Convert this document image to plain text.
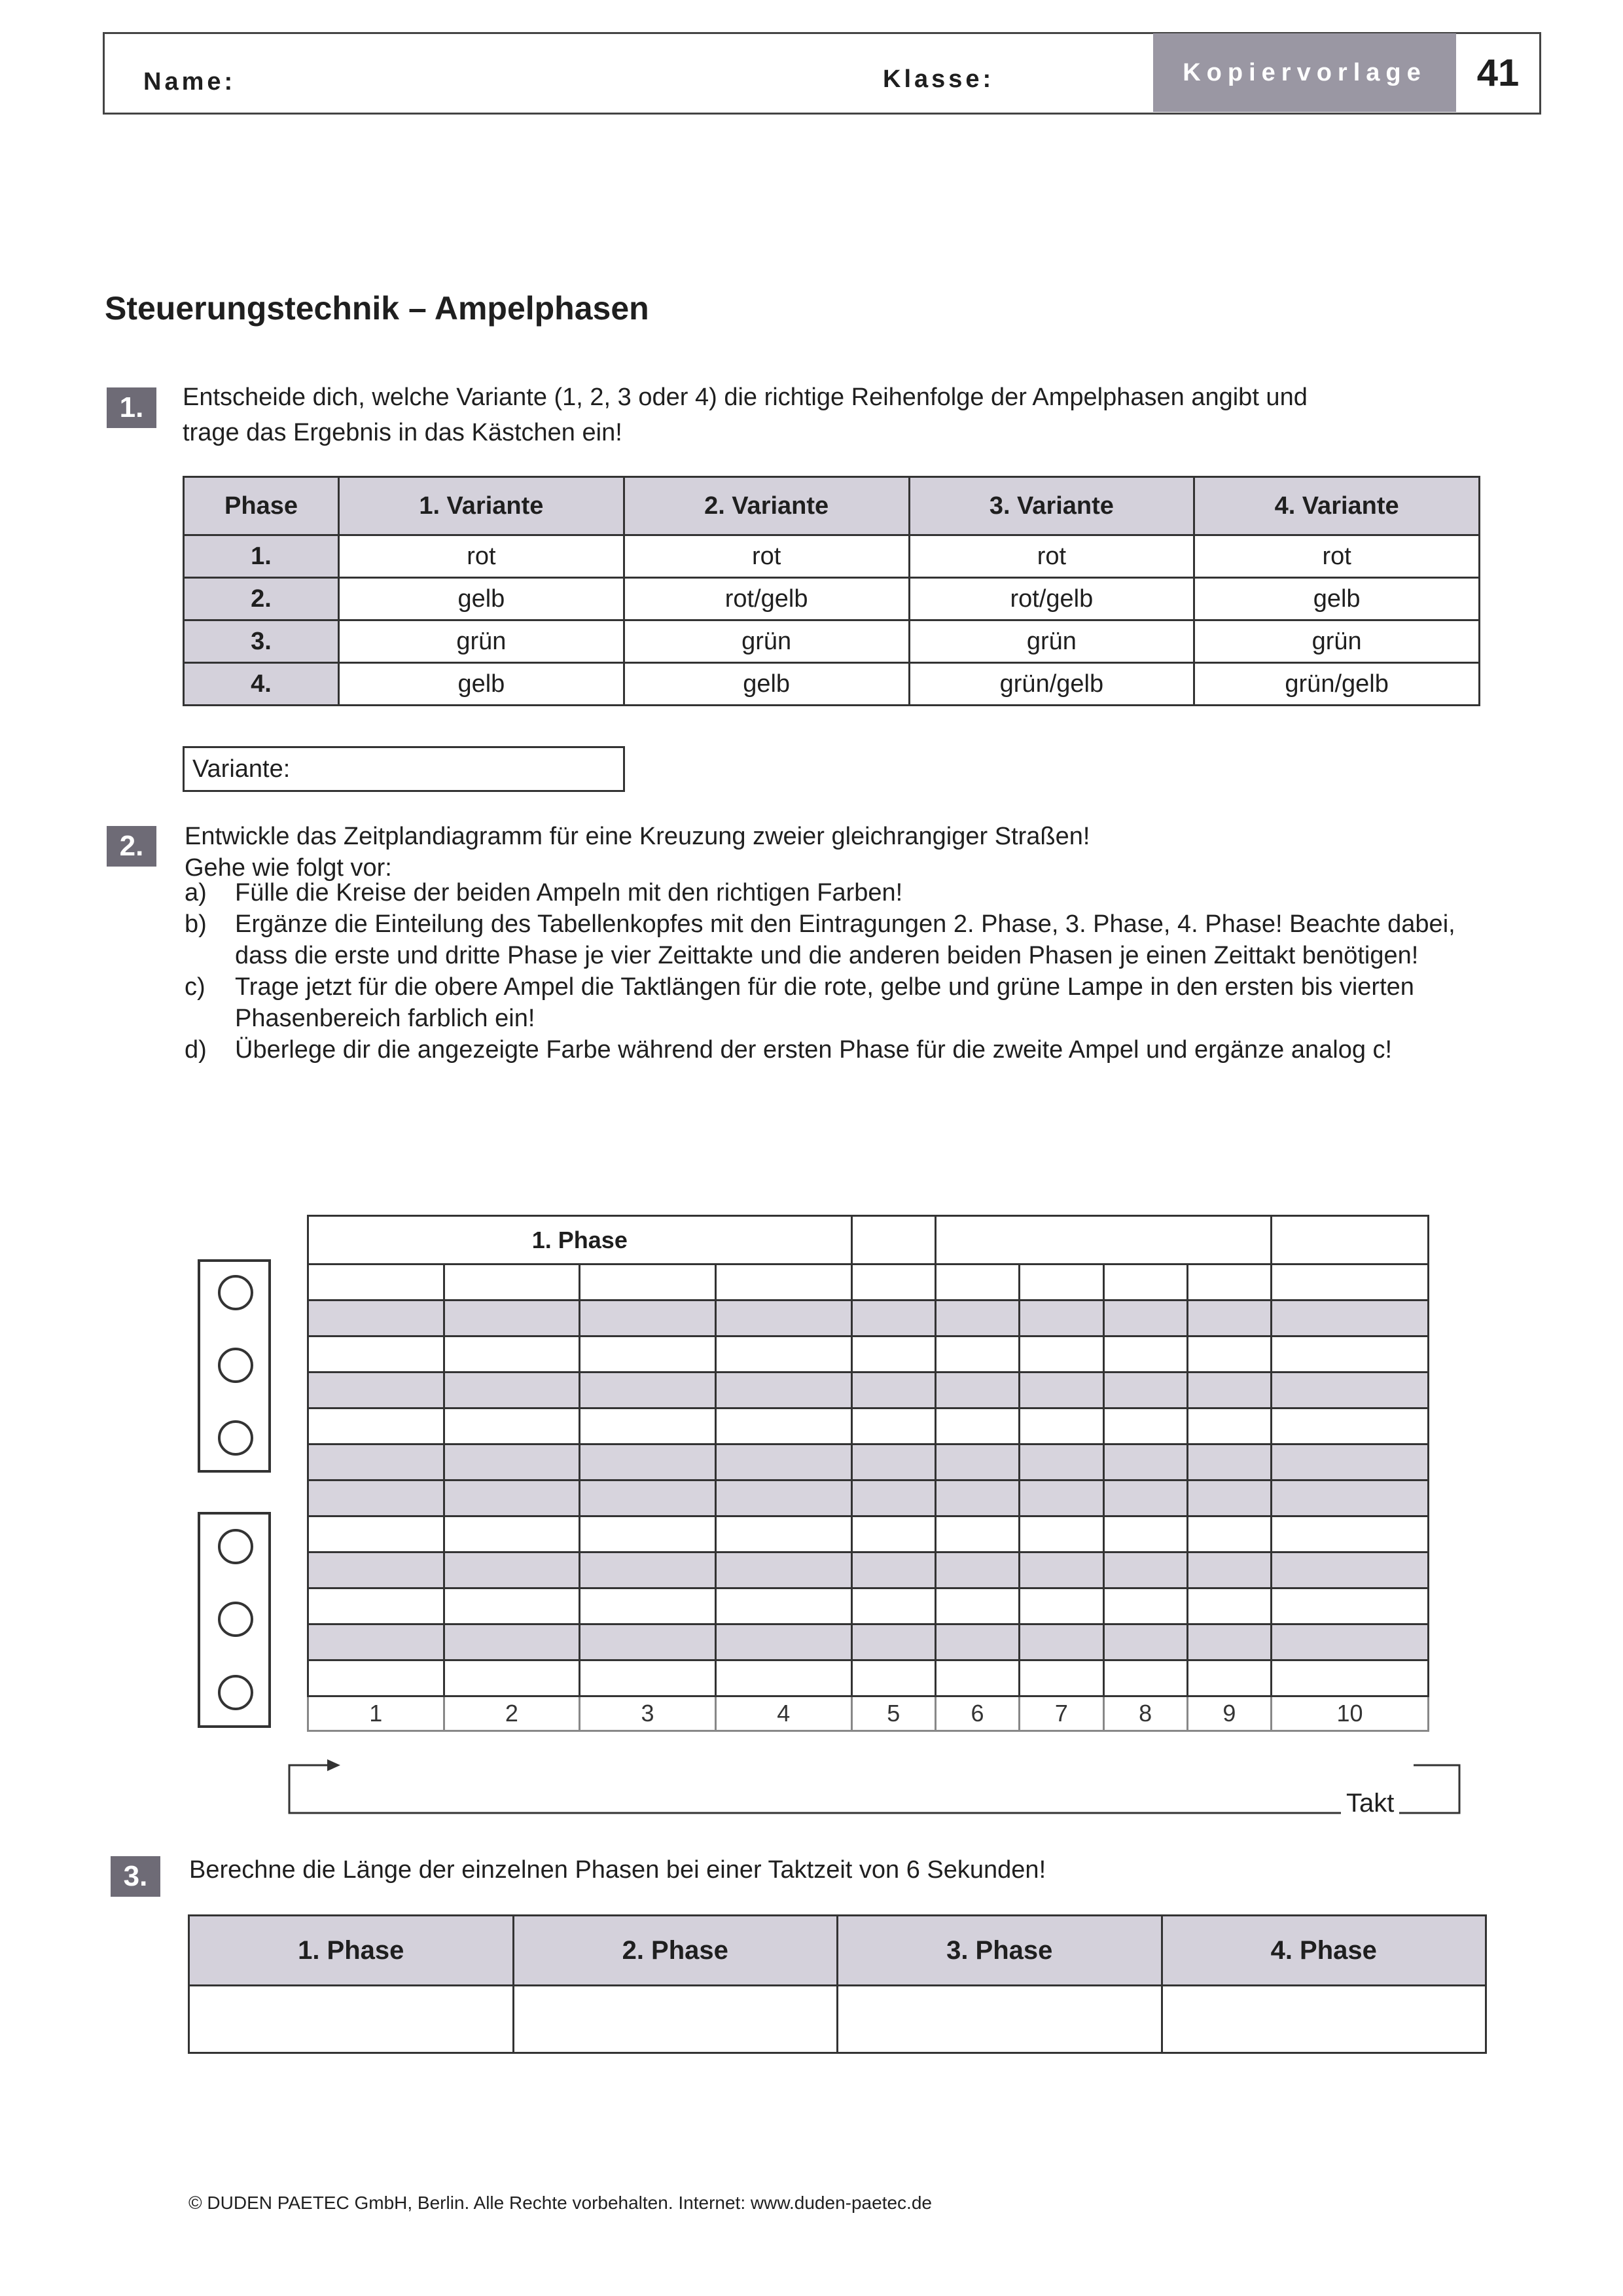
Name:	Klasse:	Kopiervorlage	41
Steuerungstechnik – Ampelphasen
1.	Entscheide dich, welche Variante (1, 2, 3 oder 4) die richtige Reihenfolge der Ampelphasen angibt und
trage das Ergebnis in das Kästchen ein!
Phase	1. Variante	2. Variante	3. Variante	4. Variante
1.	rot	rot	rot	rot
2.	gelb	rot/gelb	rot/gelb	gelb
3.	grün	grün	grün	grün
4.	gelb	gelb	grün/gelb	grün/gelb
Variante:
2.	Entwickle das Zeitplandiagramm für eine Kreuzung zweier gleichrangiger Straßen!
Gehe wie folgt vor:
a)	Fülle die Kreise der beiden Ampeln mit den richtigen Farben!
b)	Ergänze die Einteilung des Tabellenkopfes mit den Eintragungen 2. Phase, 3. Phase, 4. Phase! Beachte dabei, dass die erste und dritte Phase je vier Zeittakte und die anderen beiden Phasen je einen Zeittakt benötigen!
c)	Trage jetzt für die obere Ampel die Taktlängen für die rote, gelbe und grüne Lampe in den ersten bis vierten Phasenbereich farblich ein!
d)	Überlege dir die angezeigte Farbe während der ersten Phase für die zweite Ampel und ergänze analog c!
1. Phase									

1	2	3	4	5	6	7	8	9	10
Takt
3.	Berechne die Länge der einzelnen Phasen bei einer Taktzeit von 6 Sekunden!
1. Phase	2. Phase	3. Phase	4. Phase

© DUDEN PAETEC GmbH, Berlin. Alle Rechte vorbehalten. Internet: www.duden-paetec.de
